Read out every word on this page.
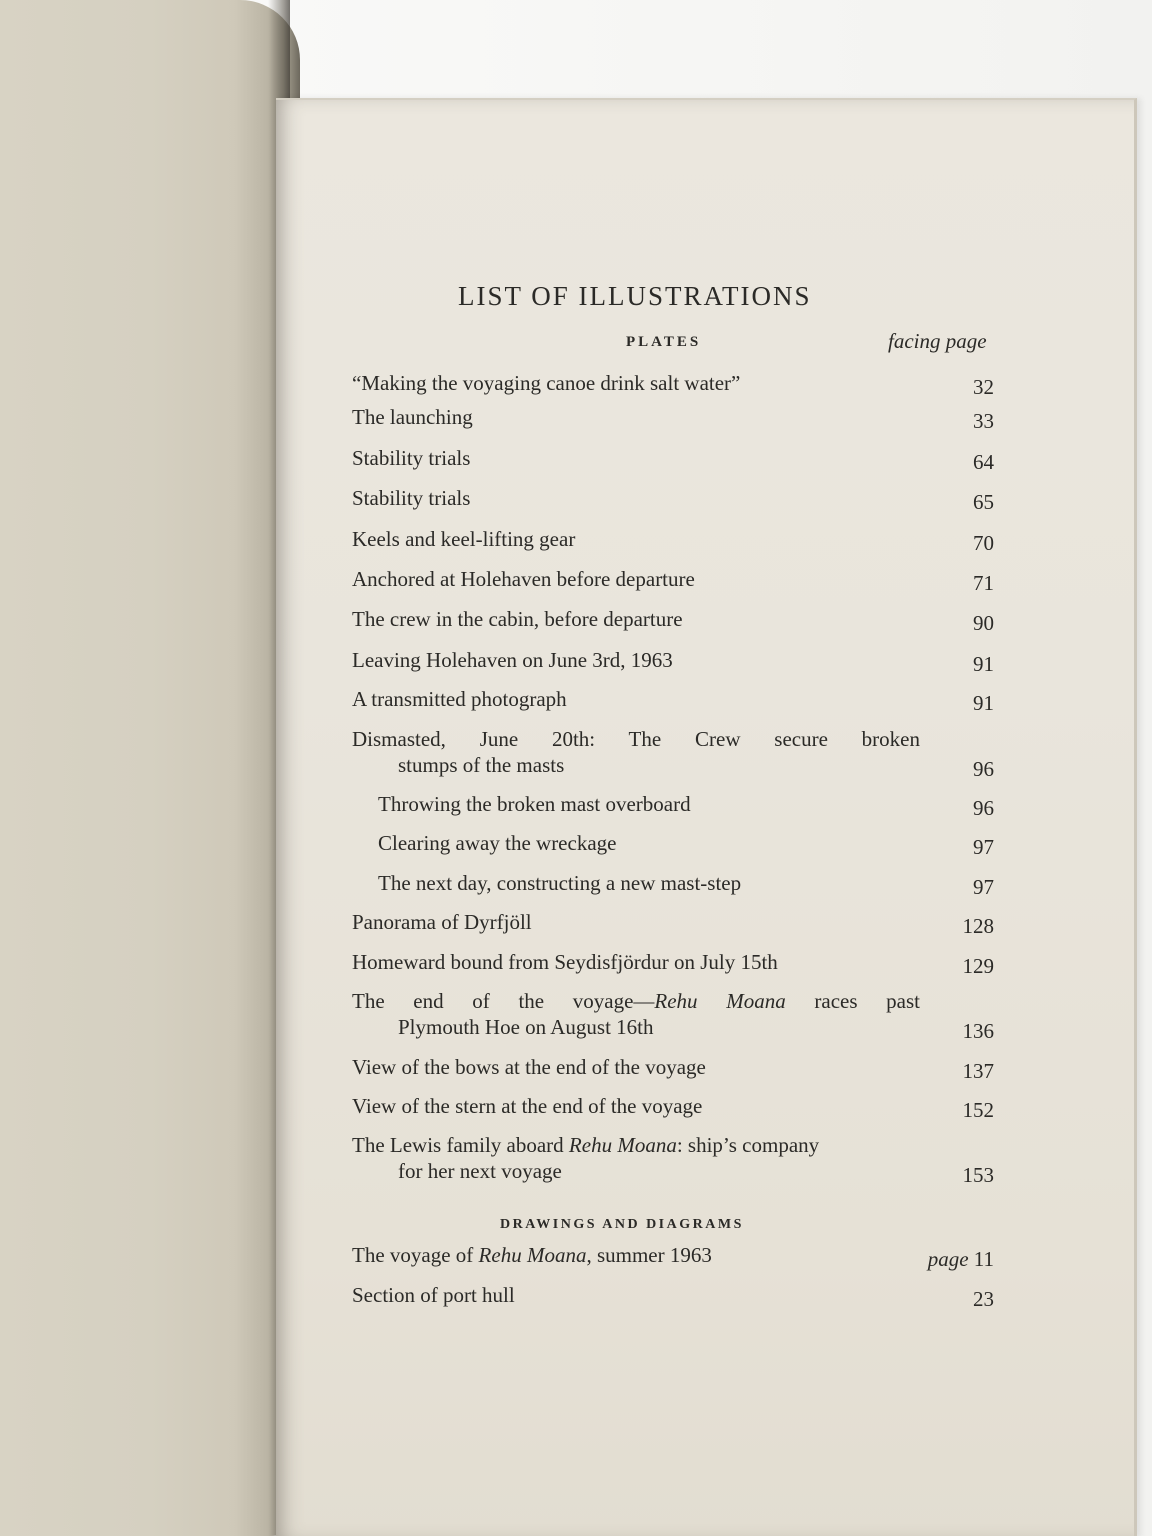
LIST OF ILLUSTRATIONS
PLATES	facing page
“Making the voyaging canoe drink salt water”	32
The launching	33
Stability trials	64
Stability trials	65
Keels and keel-lifting gear	70
Anchored at Holehaven before departure	71
The crew in the cabin, before departure	90
Leaving Holehaven on June 3rd, 1963	91
A transmitted photograph	91
Dismasted, June 20th: The Crew secure broken
stumps of the masts	96
Throwing the broken mast overboard	96
Clearing away the wreckage	97
The next day, constructing a new mast-step	97
Panorama of Dyrfjöll	128
Homeward bound from Seydisfjördur on July 15th	129
The end of the voyage—Rehu Moana races past
Plymouth Hoe on August 16th	136
View of the bows at the end of the voyage	137
View of the stern at the end of the voyage	152
The Lewis family aboard Rehu Moana: ship’s company
for her next voyage	153
DRAWINGS AND DIAGRAMS
The voyage of Rehu Moana, summer 1963	page 11
Section of port hull	23
